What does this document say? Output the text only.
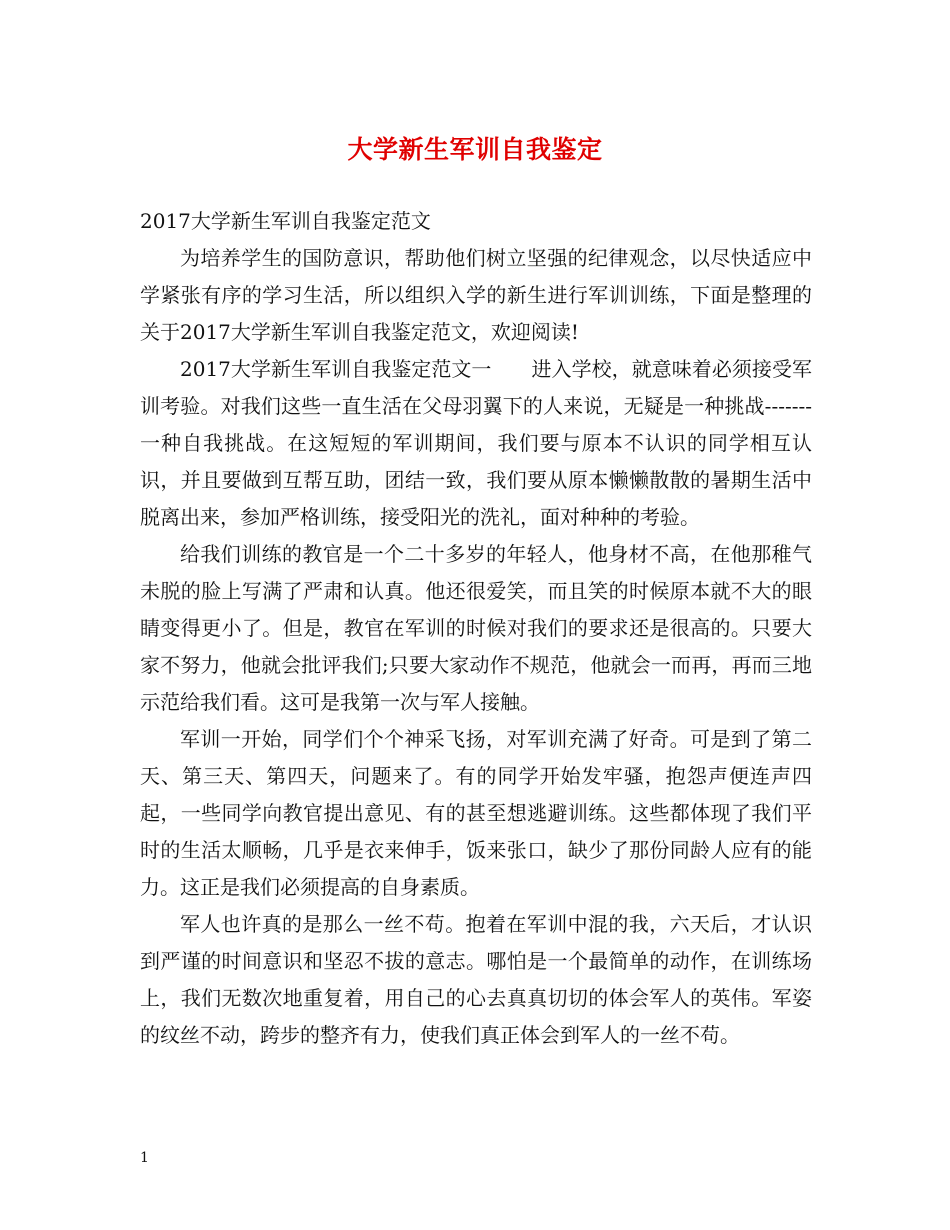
大学新生军训自我鉴定

2017大学新生军训自我鉴定范文

为培养学生的国防意识，帮助他们树立坚强的纪律观念，以尽快适应中学紧张有序的学习生活，所以组织入学的新生进行军训训练，下面是整理的关于2017大学新生军训自我鉴定范文，欢迎阅读!

2017大学新生军训自我鉴定范文一　　进入学校，就意味着必须接受军训考验。对我们这些一直生活在父母羽翼下的人来说，无疑是一种挑战-------一种自我挑战。在这短短的军训期间，我们要与原本不认识的同学相互认识，并且要做到互帮互助，团结一致，我们要从原本懒懒散散的暑期生活中脱离出来，参加严格训练，接受阳光的洗礼，面对种种的考验。

给我们训练的教官是一个二十多岁的年轻人，他身材不高，在他那稚气未脱的脸上写满了严肃和认真。他还很爱笑，而且笑的时候原本就不大的眼睛变得更小了。但是，教官在军训的时候对我们的要求还是很高的。只要大家不努力，他就会批评我们;只要大家动作不规范，他就会一而再，再而三地示范给我们看。这可是我第一次与军人接触。

军训一开始，同学们个个神采飞扬，对军训充满了好奇。可是到了第二天、第三天、第四天，问题来了。有的同学开始发牢骚，抱怨声便连声四起，一些同学向教官提出意见、有的甚至想逃避训练。这些都体现了我们平时的生活太顺畅，几乎是衣来伸手，饭来张口，缺少了那份同龄人应有的能力。这正是我们必须提高的自身素质。

军人也许真的是那么一丝不苟。抱着在军训中混的我，六天后，才认识到严谨的时间意识和坚忍不拔的意志。哪怕是一个最简单的动作，在训练场上，我们无数次地重复着，用自己的心去真真切切的体会军人的英伟。军姿的纹丝不动，跨步的整齐有力，使我们真正体会到军人的一丝不苟。

1
